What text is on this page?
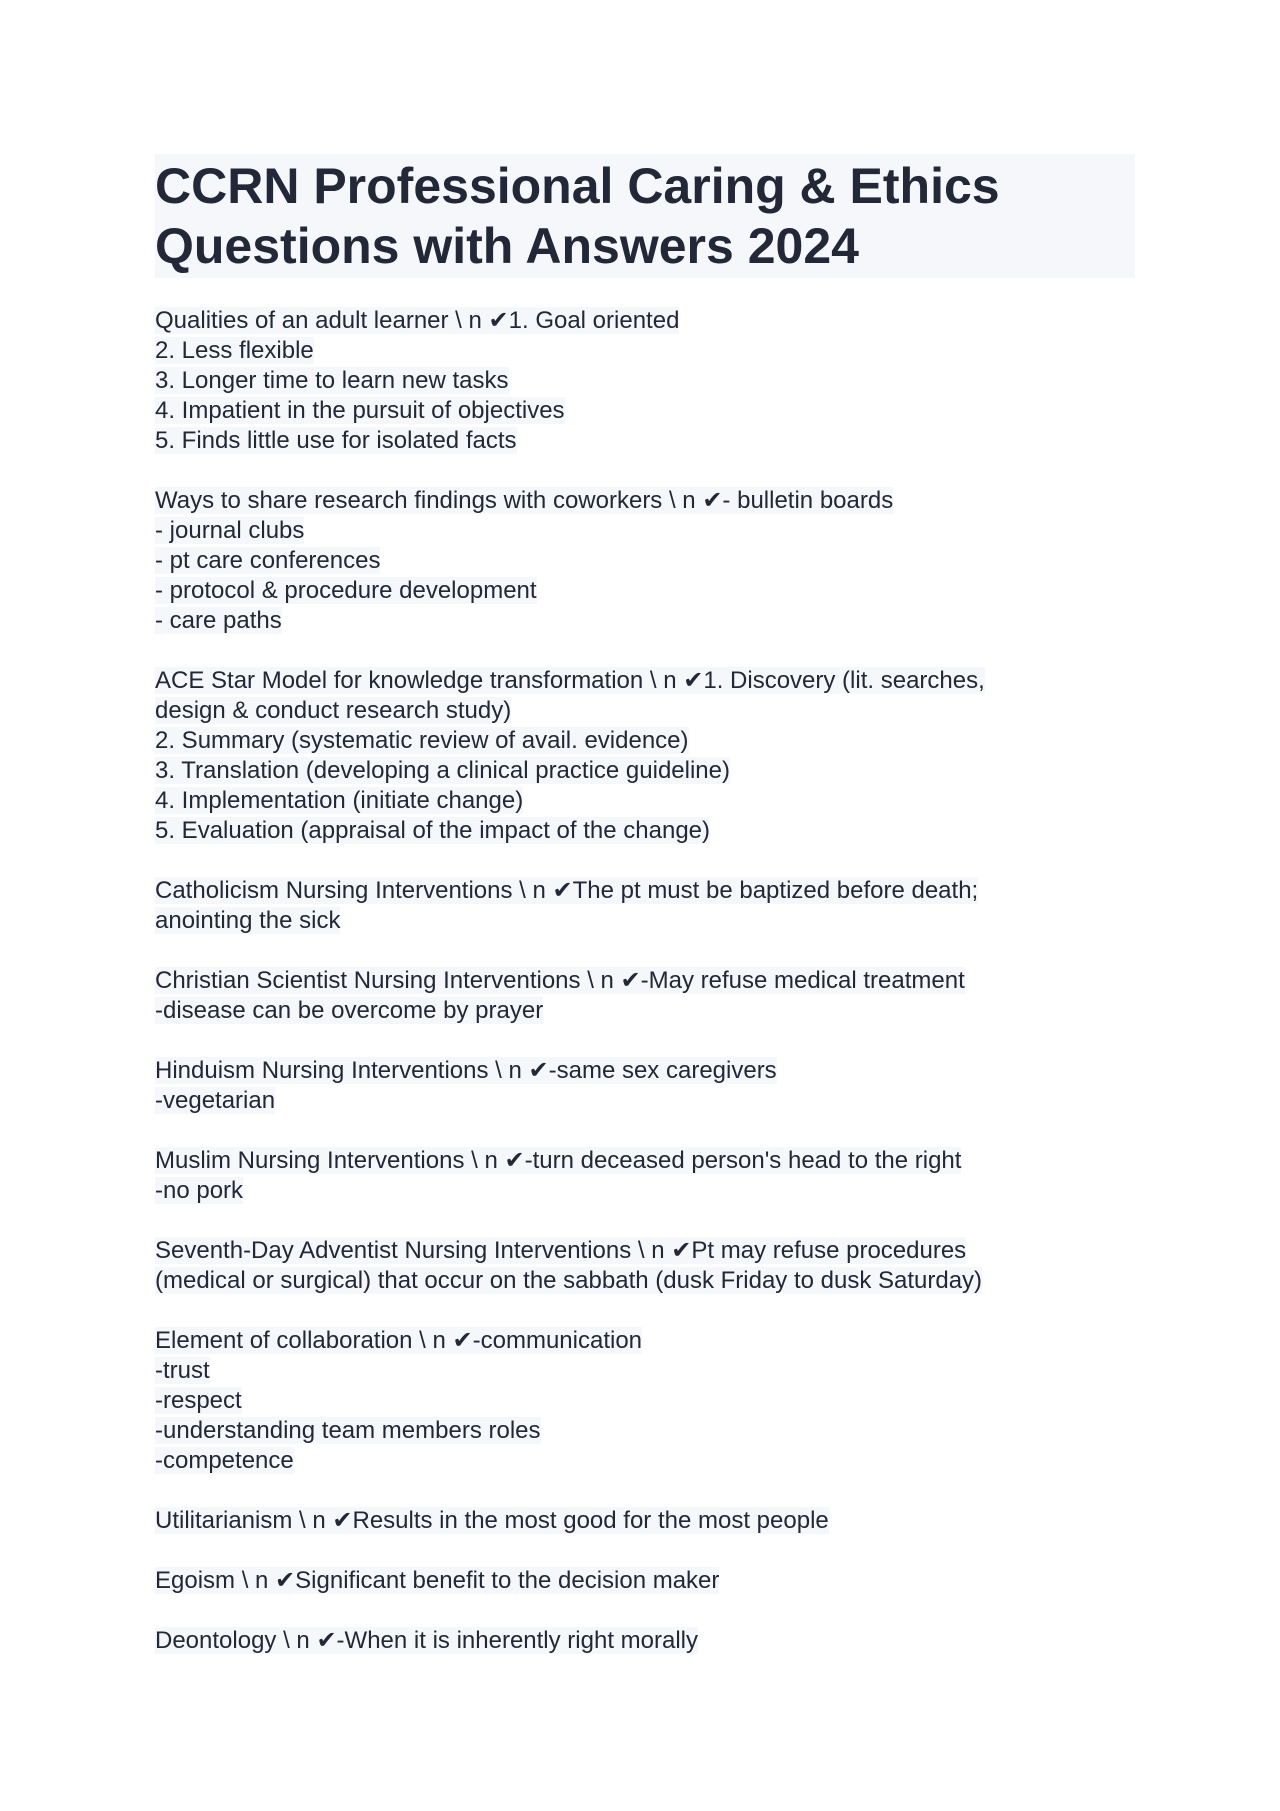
CCRN Professional Caring & Ethics
Questions with Answers 2024
Qualities of an adult learner \ n ✔1. Goal oriented
2. Less flexible
3. Longer time to learn new tasks
4. Impatient in the pursuit of objectives
5. Finds little use for isolated facts
Ways to share research findings with coworkers \ n ✔- bulletin boards
- journal clubs
- pt care conferences
- protocol & procedure development
- care paths
ACE Star Model for knowledge transformation \ n ✔1. Discovery (lit. searches,
design & conduct research study)
2. Summary (systematic review of avail. evidence)
3. Translation (developing a clinical practice guideline)
4. Implementation (initiate change)
5. Evaluation (appraisal of the impact of the change)
Catholicism Nursing Interventions \ n ✔The pt must be baptized before death;
anointing the sick
Christian Scientist Nursing Interventions \ n ✔-May refuse medical treatment
-disease can be overcome by prayer
Hinduism Nursing Interventions \ n ✔-same sex caregivers
-vegetarian
Muslim Nursing Interventions \ n ✔-turn deceased person's head to the right
-no pork
Seventh-Day Adventist Nursing Interventions \ n ✔Pt may refuse procedures
(medical or surgical) that occur on the sabbath (dusk Friday to dusk Saturday)
Element of collaboration \ n ✔-communication
-trust
-respect
-understanding team members roles
-competence
Utilitarianism \ n ✔Results in the most good for the most people
Egoism \ n ✔Significant benefit to the decision maker
Deontology \ n ✔-When it is inherently right morally
